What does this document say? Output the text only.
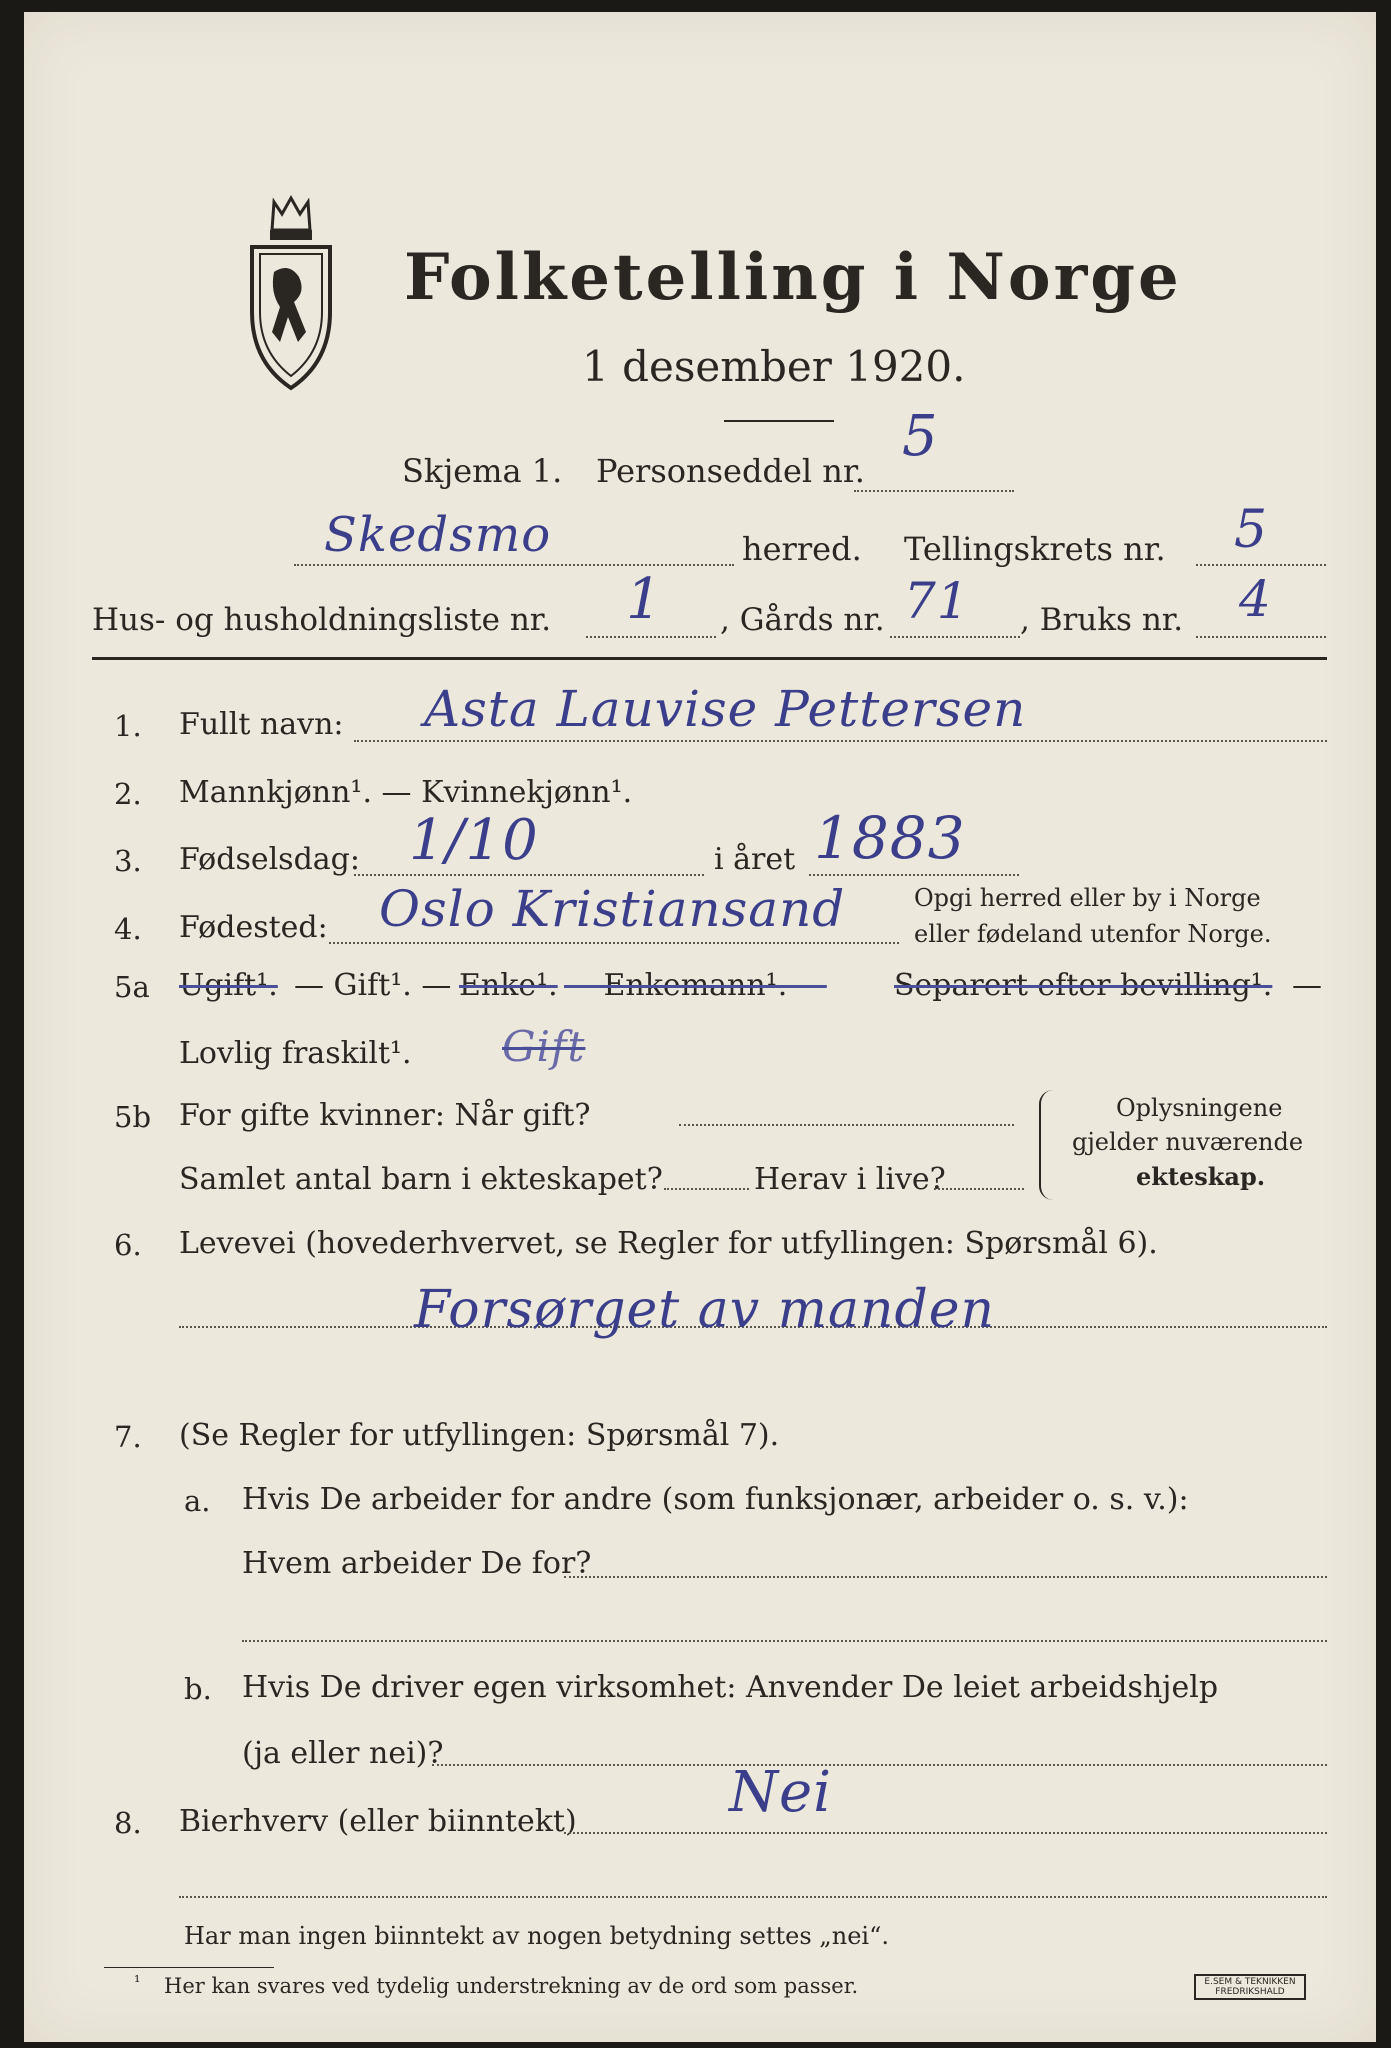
Folketelling i Norge
1 desember 1920.
Skjema 1. Personseddel nr.
5
Skedsmo	herred. Tellingskrets nr. 5
Hus- og husholdningsliste nr. 1 , Gårds nr. 71 , Bruks nr. 4
1. Fullt navn: Asta Lauvise Pettersen
2. Mannkjønn¹. — Kvinnekjønn¹.
3. Fødselsdag: 1/10	i året 1883
4. Fødested: Oslo Kristiansand	Opgi herred eller by i Norge
eller fødeland utenfor Norge.
5a Ugift¹. — Gift¹. — Enke¹. — Enkemann¹. — Separert efter bevilling¹. —
Lovlig fraskilt¹. Gift
5b For gifte kvinner: Når gift?
Samlet antal barn i ekteskapet?	Herav i live?
Oplysningene
gjelder nuværende
ekteskap.
6. Levevei (hovederhvervet, se Regler for utfyllingen: Spørsmål 6).
Forsørget av manden
7. (Se Regler for utfyllingen: Spørsmål 7).
a. Hvis De arbeider for andre (som funksjonær, arbeider o. s. v.):
Hvem arbeider De for?
b. Hvis De driver egen virksomhet: Anvender De leiet arbeidshjelp
(ja eller nei)?
8. Bierhverv (eller biinntekt)	Nei
Har man ingen biinntekt av nogen betydning settes „nei“.
¹ Her kan svares ved tydelig understrekning av de ord som passer.	E.SEM & TEKNIKKEN FREDRIKSHALD
